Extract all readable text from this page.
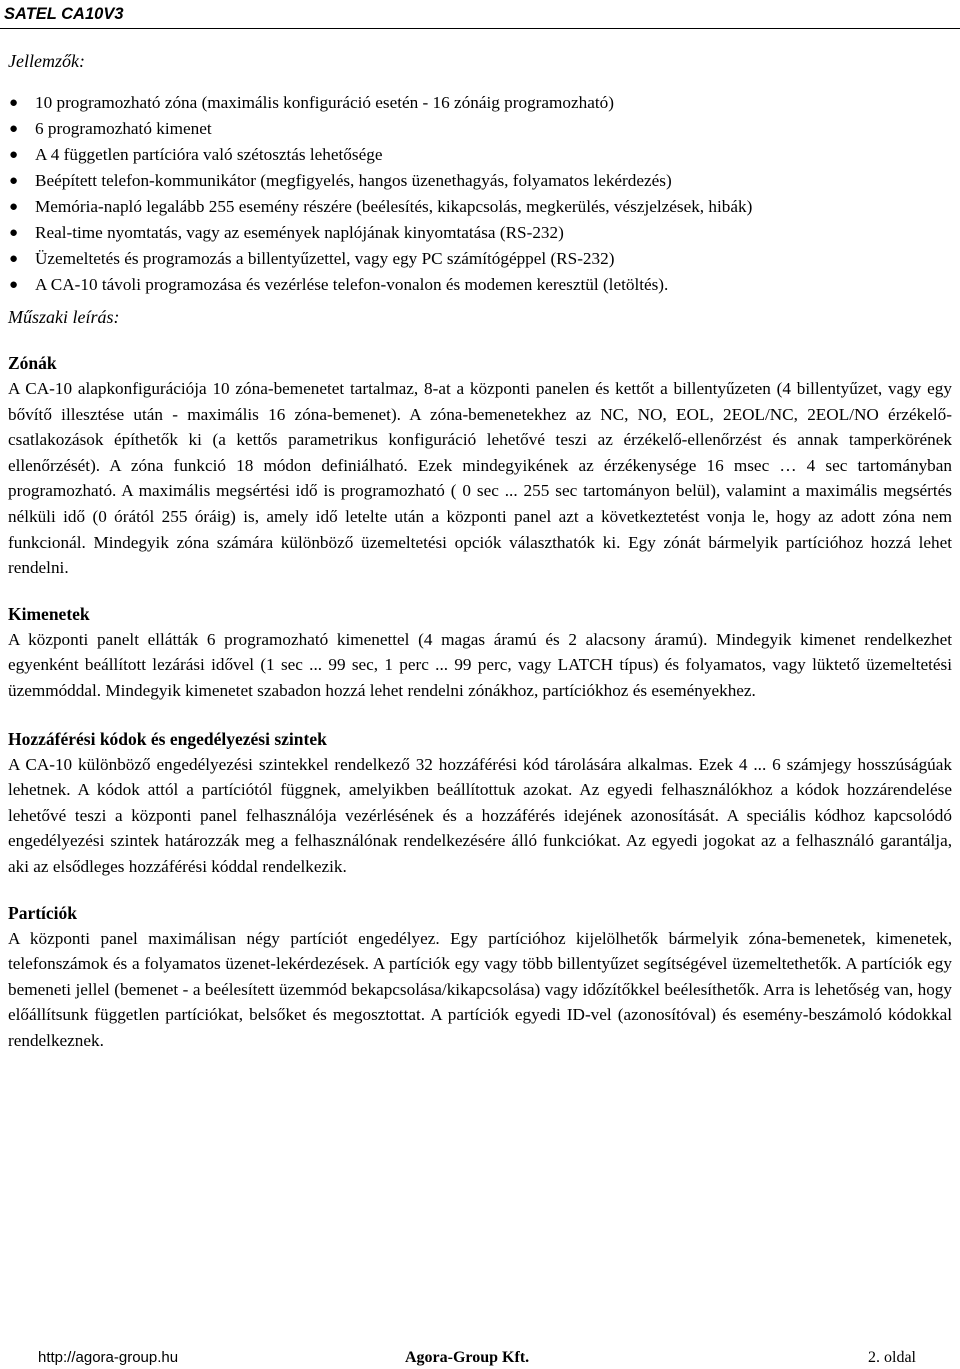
SATEL CA10V3

Jellemzők:

● 10 programozható zóna (maximális konfiguráció esetén - 16 zónáig programozható)
● 6 programozható kimenet
● A 4 független partícióra való szétosztás lehetősége
● Beépített telefon-kommunikátor (megfigyelés, hangos üzenethagyás, folyamatos lekérdezés)
● Memória-napló legalább 255 esemény részére (beélesítés, kikapcsolás, megkerülés, vészjelzések, hibák)
● Real-time nyomtatás, vagy az események naplójának kinyomtatása (RS-232)
● Üzemeltetés és programozás a billentyűzettel, vagy egy PC számítógéppel (RS-232)
● A CA-10 távoli programozása és vezérlése telefon-vonalon és modemen keresztül (letöltés).

Műszaki leírás:

Zónák

A CA-10 alapkonfigurációja 10 zóna-bemenetet tartalmaz, 8-at a központi panelen és kettőt a billentyűzeten (4 billentyűzet, vagy egy bővítő illesztése után - maximális 16 zóna-bemenet). A zóna-bemenetekhez az NC, NO, EOL, 2EOL/NC, 2EOL/NO érzékelő-csatlakozások építhetők ki (a kettős parametrikus konfiguráció lehetővé teszi az érzékelő-ellenőrzést és annak tamperkörének ellenőrzését). A zóna funkció 18 módon definiálható. Ezek mindegyikének az érzékenysége 16 msec … 4 sec tartományban programozható. A maximális megsértési idő is programozható ( 0 sec ... 255 sec tartományon belül), valamint a maximális megsértés nélküli idő (0 órától 255 óráig) is, amely idő letelte után a központi panel azt a következtetést vonja le, hogy az adott zóna nem funkcionál. Mindegyik zóna számára különböző üzemeltetési opciók választhatók ki. Egy zónát bármelyik partícióhoz hozzá lehet rendelni.

Kimenetek

A központi panelt ellátták 6 programozható kimenettel (4 magas áramú és 2 alacsony áramú). Mindegyik kimenet rendelkezhet egyenként beállított lezárási idővel (1 sec ... 99 sec, 1 perc ... 99 perc, vagy LATCH típus) és folyamatos, vagy lüktető üzemeltetési üzemmóddal. Mindegyik kimenetet szabadon hozzá lehet rendelni zónákhoz, partíciókhoz és eseményekhez.

Hozzáférési kódok és engedélyezési szintek

A CA-10 különböző engedélyezési szintekkel rendelkező 32 hozzáférési kód tárolására alkalmas. Ezek 4 ... 6 számjegy hosszúságúak lehetnek. A kódok attól a partíciótól függnek, amelyikben beállítottuk azokat. Az egyedi felhasználókhoz a kódok hozzárendelése lehetővé teszi a központi panel felhasználója vezérlésének és a hozzáférés idejének azonosítását. A speciális kódhoz kapcsolódó engedélyezési szintek határozzák meg a felhasználónak rendelkezésére álló funkciókat. Az egyedi jogokat az a felhasználó garantálja, aki az elsődleges hozzáférési kóddal rendelkezik.

Partíciók

A központi panel maximálisan négy partíciót engedélyez. Egy partícióhoz kijelölhetők bármelyik zóna-bemenetek, kimenetek, telefonszámok és a folyamatos üzenet-lekérdezések. A partíciók egy vagy több billentyűzet segítségével üzemeltethetők. A partíciók egy bemeneti jellel (bemenet - a beélesített üzemmód bekapcsolása/kikapcsolása) vagy időzítőkkel beélesíthetők. Arra is lehetőség van, hogy előállítsunk független partíciókat, belsőket és megosztottat. A partíciók egyedi ID-vel (azonosítóval) és esemény-beszámoló kódokkal rendelkeznek.

http://agora-group.hu	Agora-Group Kft.	2. oldal
